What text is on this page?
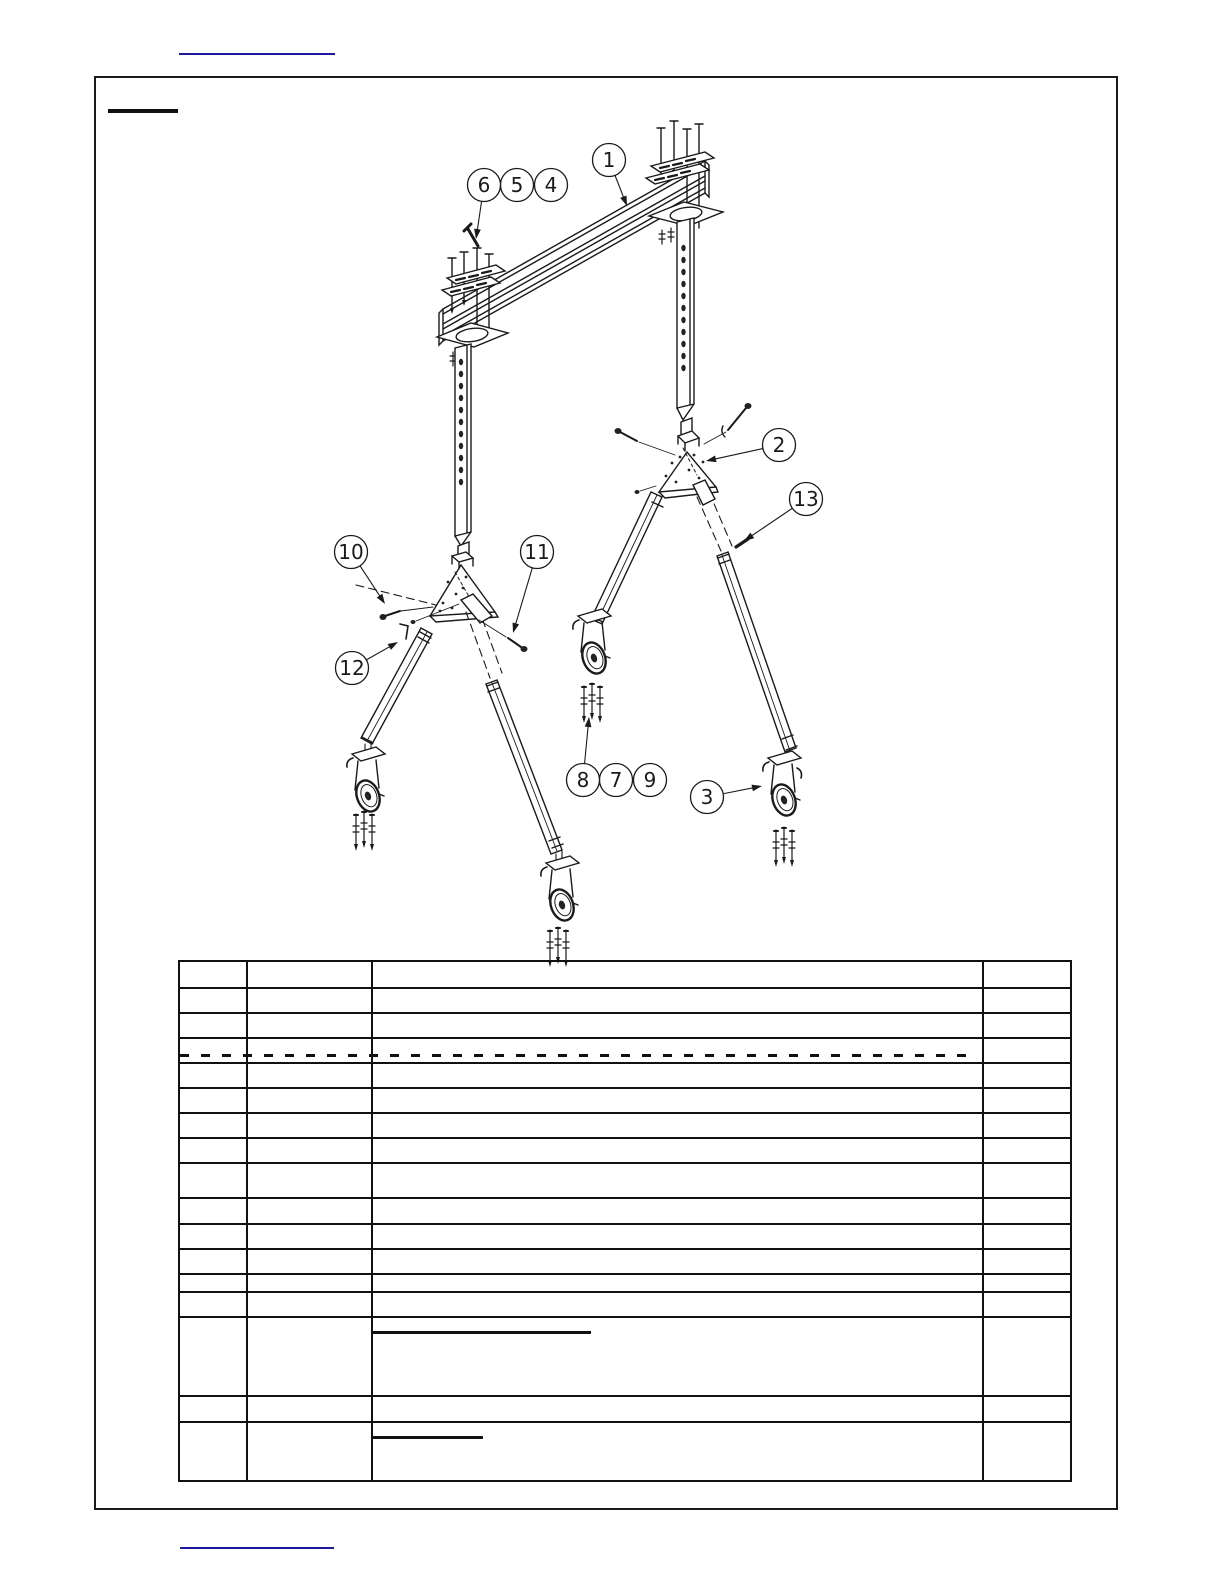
1
2
3
4
5
6
7
8	9
10	11
12
13
